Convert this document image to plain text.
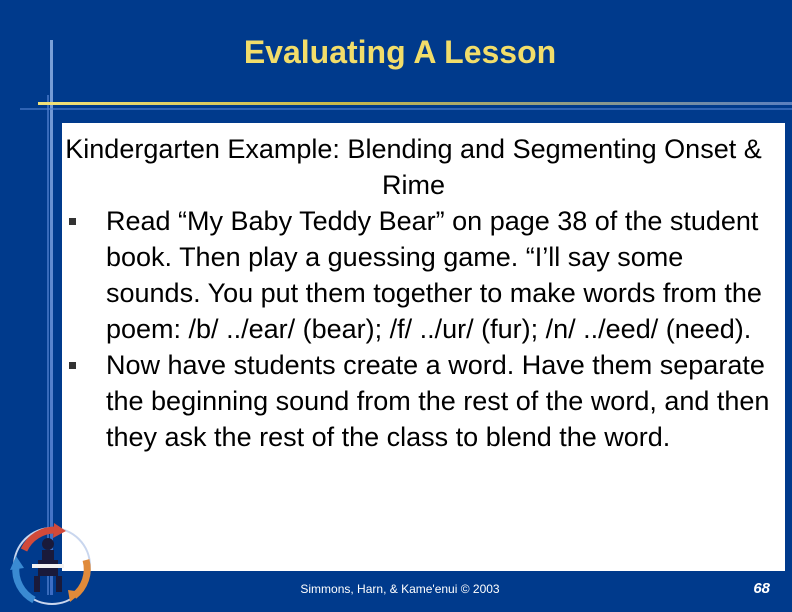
Evaluating A Lesson
Kindergarten Example: Blending and Segmenting Onset & Rime
Read “My Baby Teddy Bear” on page 38 of the student book. Then play a guessing game. “I’ll say some sounds. You put them together to make words from the poem: /b/ ../ear/ (bear); /f/ ../ur/ (fur); /n/ ../eed/ (need).
Now have students create a word. Have them separate the beginning sound from the rest of the word, and then they ask the rest of the class to blend the word.
Simmons, Harn, & Kame'enui © 2003	68
